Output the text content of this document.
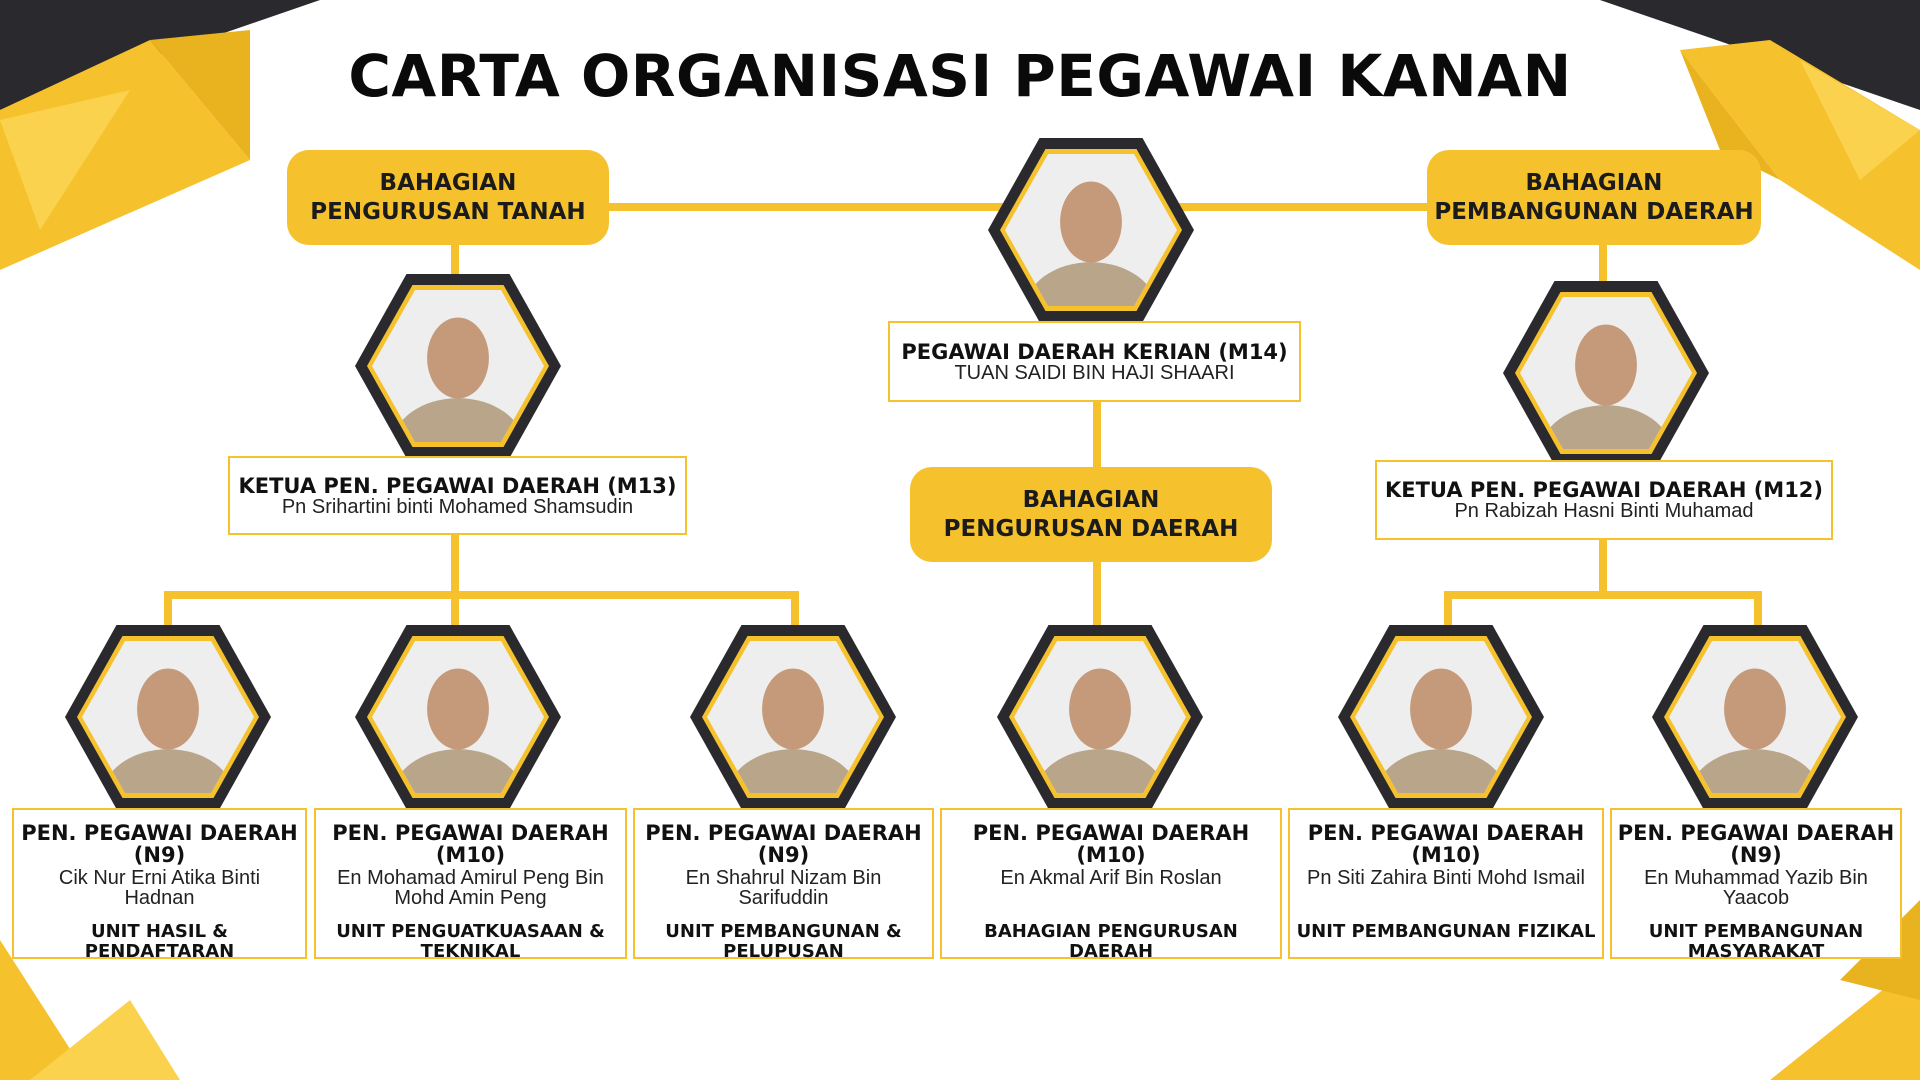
CARTA ORGANISASI PEGAWAI KANAN
BAHAGIAN
PENGURUSAN TANAH
BAHAGIAN
PEMBANGUNAN DAERAH
BAHAGIAN
PENGURUSAN DAERAH
PEGAWAI DAERAH KERIAN (M14)
TUAN SAIDI BIN HAJI SHAARI
KETUA PEN. PEGAWAI DAERAH (M13)
Pn Srihartini binti Mohamed Shamsudin
KETUA PEN. PEGAWAI DAERAH (M12)
Pn Rabizah Hasni Binti Muhamad
PEN. PEGAWAI DAERAH (N9)
Cik Nur Erni Atika Binti Hadnan
UNIT HASIL & PENDAFTARAN
PEN. PEGAWAI DAERAH (M10)
En Mohamad Amirul Peng Bin Mohd Amin Peng
UNIT PENGUATKUASAAN & TEKNIKAL
PEN. PEGAWAI DAERAH (N9)
En Shahrul Nizam Bin Sarifuddin
UNIT PEMBANGUNAN & PELUPUSAN
PEN. PEGAWAI DAERAH (M10)
En Akmal Arif Bin Roslan
BAHAGIAN PENGURUSAN DAERAH
PEN. PEGAWAI DAERAH (M10)
Pn Siti Zahira Binti Mohd Ismail
UNIT PEMBANGUNAN FIZIKAL
PEN. PEGAWAI DAERAH (N9)
En Muhammad Yazib Bin Yaacob
UNIT PEMBANGUNAN MASYARAKAT
